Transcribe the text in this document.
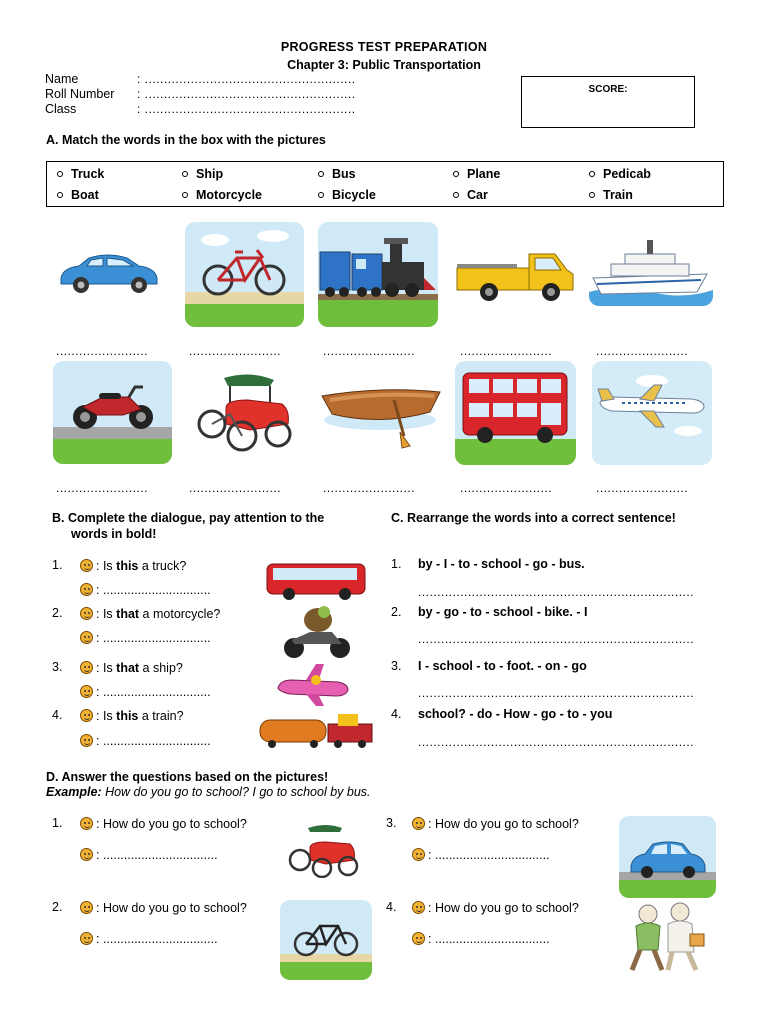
PROGRESS TEST PREPARATION
Chapter 3: Public Transportation
Name	: .......................................................
Roll Number : .......................................................
Class	: .......................................................
SCORE:
A. Match the words in the box with the pictures
Truck	Ship	Bus	Plane	Pedicab
Boat	Motorcycle	Bicycle	Car	Train
........................	........................	........................	........................	........................
........................	........................	........................	........................	........................
B. Complete the dialogue, pay attention to the
words in bold!
1.	: Is this a truck?
: ...............................
2.	: Is that a motorcycle?
: ...............................
3.	: Is that a ship?
: ...............................
4.	: Is this a train?
: ...............................
C. Rearrange the words into a correct sentence!
1. by - I - to - school - go - bus.
........................................................................
2. by - go - to - school - bike. - I
........................................................................
3. I - school - to - foot. - on - go
........................................................................
4. school? - do - How - go - to - you
........................................................................
D. Answer the questions based on the pictures!
Example: How do you go to school? I go to school by bus.
1.	: How do you go to school?
: .................................
2.	: How do you go to school?
: .................................
3.	: How do you go to school?
: .................................
4.	: How do you go to school?
: .................................
